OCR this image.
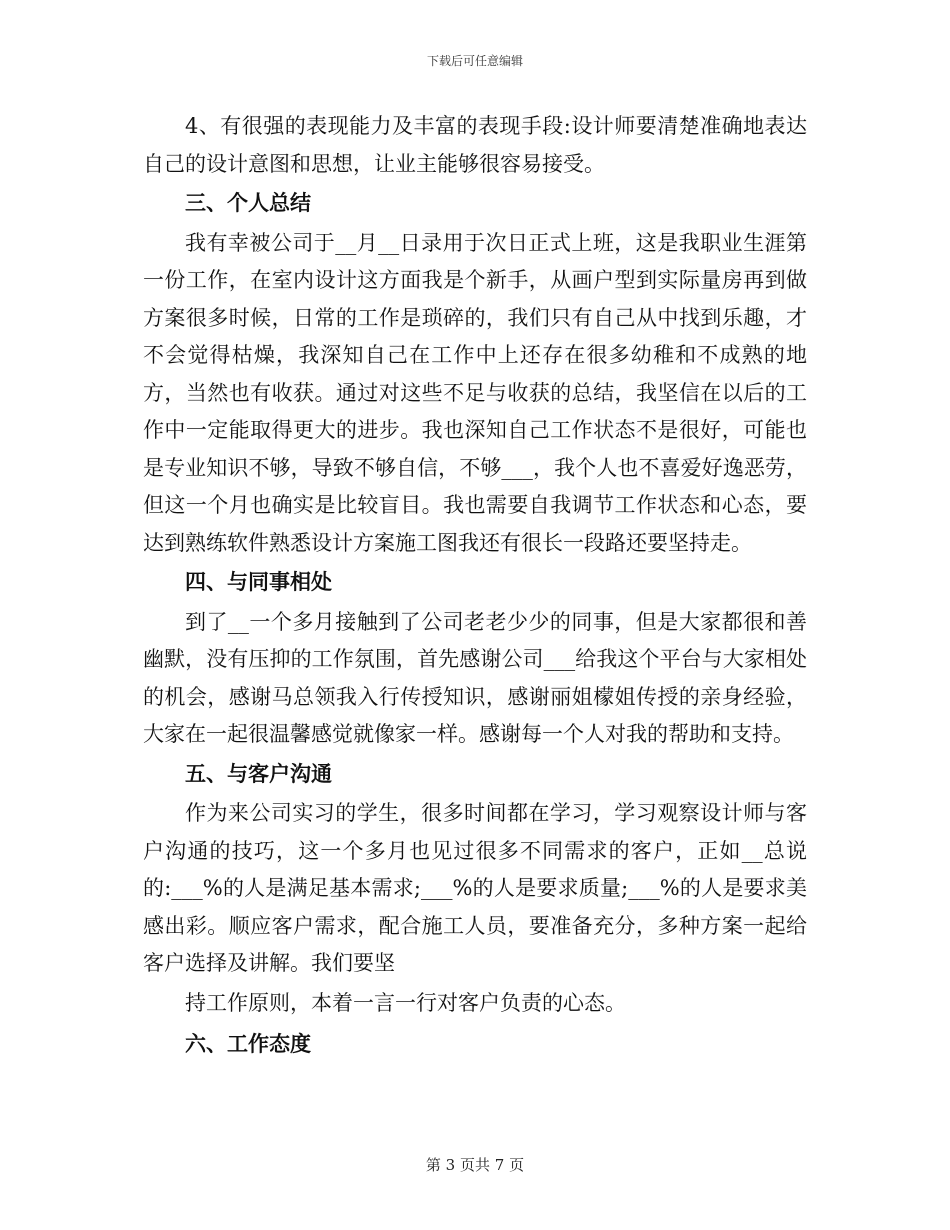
下载后可任意编辑

4、有很强的表现能力及丰富的表现手段:设计师要清楚准确地表达自己的设计意图和思想，让业主能够很容易接受。

三、个人总结

我有幸被公司于__月__日录用于次日正式上班，这是我职业生涯第一份工作，在室内设计这方面我是个新手，从画户型到实际量房再到做方案很多时候，日常的工作是琐碎的，我们只有自己从中找到乐趣，才不会觉得枯燥，我深知自己在工作中上还存在很多幼稚和不成熟的地方，当然也有收获。通过对这些不足与收获的总结，我坚信在以后的工作中一定能取得更大的进步。我也深知自己工作状态不是很好，可能也是专业知识不够，导致不够自信，不够___，我个人也不喜爱好逸恶劳，但这一个月也确实是比较盲目。我也需要自我调节工作状态和心态，要达到熟练软件熟悉设计方案施工图我还有很长一段路还要坚持走。

四、与同事相处

到了__一个多月接触到了公司老老少少的同事，但是大家都很和善幽默，没有压抑的工作氛围，首先感谢公司___给我这个平台与大家相处的机会，感谢马总领我入行传授知识，感谢丽姐檬姐传授的亲身经验，大家在一起很温馨感觉就像家一样。感谢每一个人对我的帮助和支持。

五、与客户沟通

作为来公司实习的学生，很多时间都在学习，学习观察设计师与客户沟通的技巧，这一个多月也见过很多不同需求的客户，正如__总说的:___%的人是满足基本需求;___%的人是要求质量;___%的人是要求美感出彩。顺应客户需求，配合施工人员，要准备充分，多种方案一起给客户选择及讲解。我们要坚

持工作原则，本着一言一行对客户负责的心态。

六、工作态度

第 3 页共 7 页
